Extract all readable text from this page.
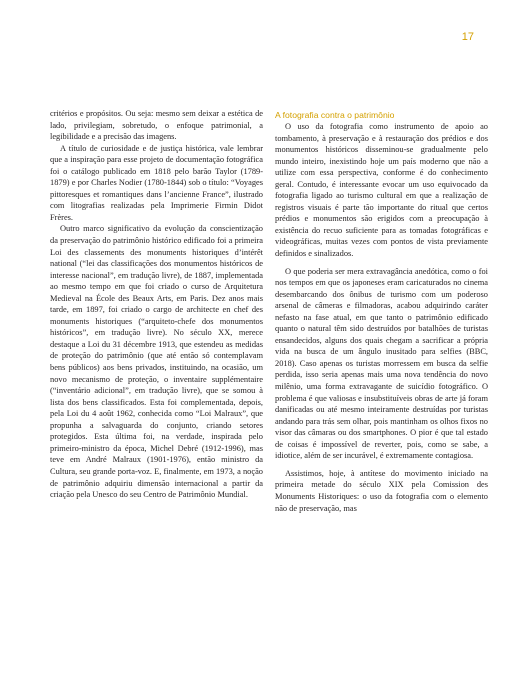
17

critérios e propósitos. Ou seja: mesmo sem deixar a estética de lado, privilegiam, sobretudo, o enfoque patrimonial, a legibilidade e a precisão das imagens.

A título de curiosidade e de justiça histórica, vale lembrar que a inspiração para esse projeto de documentação fotográfica foi o catálogo publicado em 1818 pelo barão Taylor (1789-1879) e por Charles Nodier (1780-1844) sob o título: “Voyages pittoresques et romantiques dans l’ancienne France”, ilustrado com litografias realizadas pela Imprimerie Firmin Didot Frères.

Outro marco significativo da evolução da conscientização da preservação do patrimônio histórico edificado foi a primeira Loi des classements des monuments historiques d’intérêt national (“lei das classificações dos monumentos históricos de interesse nacional”, em tradução livre), de 1887, implementada ao mesmo tempo em que foi criado o curso de Arquitetura Medieval na École des Beaux Arts, em Paris. Dez anos mais tarde, em 1897, foi criado o cargo de architecte en chef des monuments historiques (“arquiteto-chefe dos monumentos históricos”, em tradução livre). No século XX, merece destaque a Loi du 31 décembre 1913, que estendeu as medidas de proteção do patrimônio (que até então só contemplavam bens públicos) aos bens privados, instituindo, na ocasião, um novo mecanismo de proteção, o inventaire supplémentaire (“inventário adicional”, em tradução livre), que se somou à lista dos bens classificados. Esta foi complementada, depois, pela Loi du 4 août 1962, conhecida como “Loi Malraux”, que propunha a salvaguarda do conjunto, criando setores protegidos. Esta última foi, na verdade, inspirada pelo primeiro-ministro da época, Michel Debré (1912-1996), mas teve em André Malraux (1901-1976), então ministro da Cultura, seu grande porta-voz. E, finalmente, em 1973, a noção de patrimônio adquiriu dimensão internacional a partir da criação pela Unesco do seu Centro de Patrimônio Mundial.

A fotografia contra o patrimônio

O uso da fotografia como instrumento de apoio ao tombamento, à preservação e à restauração dos prédios e dos monumentos históricos disseminou-se gradualmente pelo mundo inteiro, inexistindo hoje um país moderno que não a utilize com essa perspectiva, conforme é do conhecimento geral. Contudo, é interessante evocar um uso equivocado da fotografia ligado ao turismo cultural em que a realização de registros visuais é parte tão importante do ritual que certos prédios e monumentos são erigidos com a preocupação à existência do recuo suficiente para as tomadas fotográficas e videográficas, muitas vezes com pontos de vista previamente definidos e sinalizados.

O que poderia ser mera extravagância anedótica, como o foi nos tempos em que os japoneses eram caricaturados no cinema desembarcando dos ônibus de turismo com um poderoso arsenal de câmeras e filmadoras, acabou adquirindo caráter nefasto na fase atual, em que tanto o patrimônio edificado quanto o natural têm sido destruídos por batalhões de turistas ensandecidos, alguns dos quais chegam a sacrificar a própria vida na busca de um ângulo inusitado para selfies (BBC, 2018). Caso apenas os turistas morressem em busca da selfie perdida, isso seria apenas mais uma nova tendência do novo milênio, uma forma extravagante de suicídio fotográfico. O problema é que valiosas e insubstituíveis obras de arte já foram danificadas ou até mesmo inteiramente destruídas por turistas andando para trás sem olhar, pois mantinham os olhos fixos no visor das câmaras ou dos smartphones. O pior é que tal estado de coisas é impossível de reverter, pois, como se sabe, a idiotice, além de ser incurável, é extremamente contagiosa.

Assistimos, hoje, à antítese do movimento iniciado na primeira metade do século XIX pela Comission des Monuments Historiques: o uso da fotografia com o elemento não de preservação, mas
